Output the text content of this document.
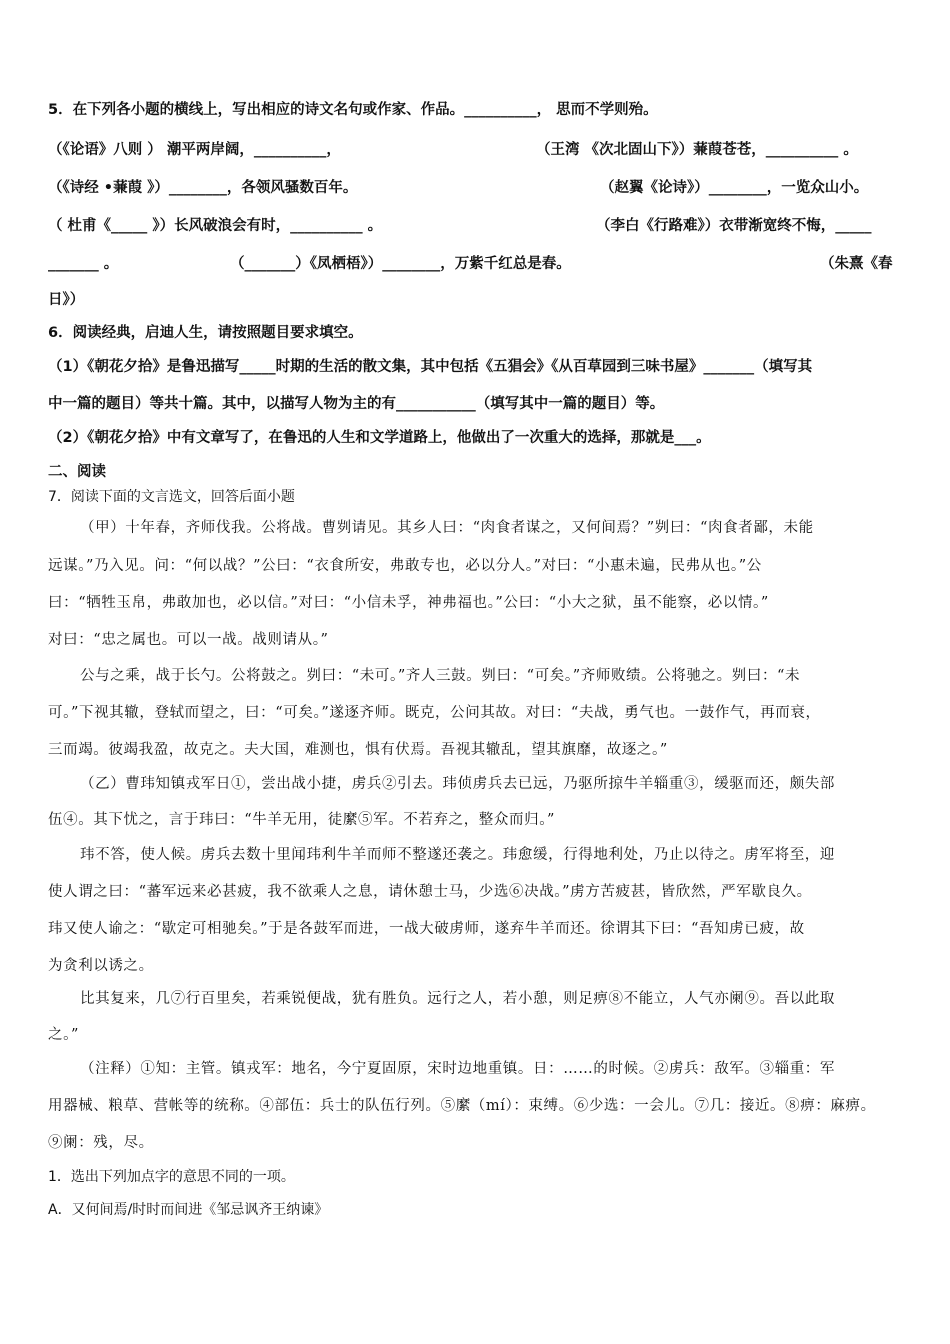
5．在下列各小题的横线上，写出相应的诗文名句或作家、作品。__________， 思而不学则殆。
（《论语》八则 ） 潮平两岸阔，__________，	（王湾 《次北固山下》）蒹葭苍苍，__________ 。
（《诗经 •蒹葭 》）________，各领风骚数百年。	（赵翼《论诗》）________，一览众山小。
（ 杜甫《_____ 》）长风破浪会有时，__________ 。	（李白《行路难》）衣带渐宽终不悔，_____
_______ 。	（_______）《凤栖梧》）________，万紫千红总是春。	（朱熹《春
日》）
6．阅读经典，启迪人生，请按照题目要求填空。
（1）《朝花夕拾》是鲁迅描写_____时期的生活的散文集，其中包括《五猖会》《从百草园到三味书屋》_______（填写其
中一篇的题目）等共十篇。其中，以描写人物为主的有___________（填写其中一篇的题目）等。
（2）《朝花夕拾》中有文章写了，在鲁迅的人生和文学道路上，他做出了一次重大的选择，那就是___。
二、阅读
7．阅读下面的文言选文，回答后面小题
（甲）十年春，齐师伐我。公将战。曹刿请见。其乡人曰：“肉食者谋之，又何间焉？”刿曰：“肉食者鄙，未能
远谋。”乃入见。问：“何以战？”公曰：“衣食所安，弗敢专也，必以分人。”对曰：“小惠未遍，民弗从也。”公
曰：“牺牲玉帛，弗敢加也，必以信。”对曰：“小信未孚，神弗福也。”公曰：“小大之狱，虽不能察，必以情。”
对曰：“忠之属也。可以一战。战则请从。”
公与之乘，战于长勺。公将鼓之。刿曰：“未可。”齐人三鼓。刿曰：“可矣。”齐师败绩。公将驰之。刿曰：“未
可。”下视其辙，登轼而望之，曰：“可矣。”遂逐齐师。既克，公问其故。对曰：“夫战，勇气也。一鼓作气，再而衰，
三而竭。彼竭我盈，故克之。夫大国，难测也，惧有伏焉。吾视其辙乱，望其旗靡，故逐之。”
（乙）曹玮知镇戎军日①，尝出战小捷，虏兵②引去。玮侦虏兵去已远，乃驱所掠牛羊辎重③，缓驱而还，颇失部
伍④。其下忧之，言于玮曰：“牛羊无用，徒縻⑤军。不若弃之，整众而归。”
玮不答，使人候。虏兵去数十里闻玮利牛羊而师不整遂还袭之。玮愈缓，行得地利处，乃止以待之。虏军将至，迎
使人谓之曰：“蕃军远来必甚疲，我不欲乘人之息，请休憩士马，少选⑥决战。”虏方苦疲甚，皆欣然，严军歇良久。
玮又使人谕之：“歇定可相驰矣。”于是各鼓军而进，一战大破虏师，遂弃牛羊而还。徐谓其下曰：“吾知虏已疲，故
为贪利以诱之。
比其复来，几⑦行百里矣，若乘锐便战，犹有胜负。远行之人，若小憩，则足痹⑧不能立，人气亦阑⑨。吾以此取
之。”
（注释）①知：主管。镇戎军：地名，今宁夏固原，宋时边地重镇。日：……的时候。②虏兵：敌军。③辎重：军
用器械、粮草、营帐等的统称。④部伍：兵士的队伍行列。⑤縻（mí）：束缚。⑥少选：一会儿。⑦几：接近。⑧痹：麻痹。
⑨阑：残，尽。
1．选出下列加点字的意思不同的一项。
A．又何间焉/时时而间进《邹忌讽齐王纳谏》
